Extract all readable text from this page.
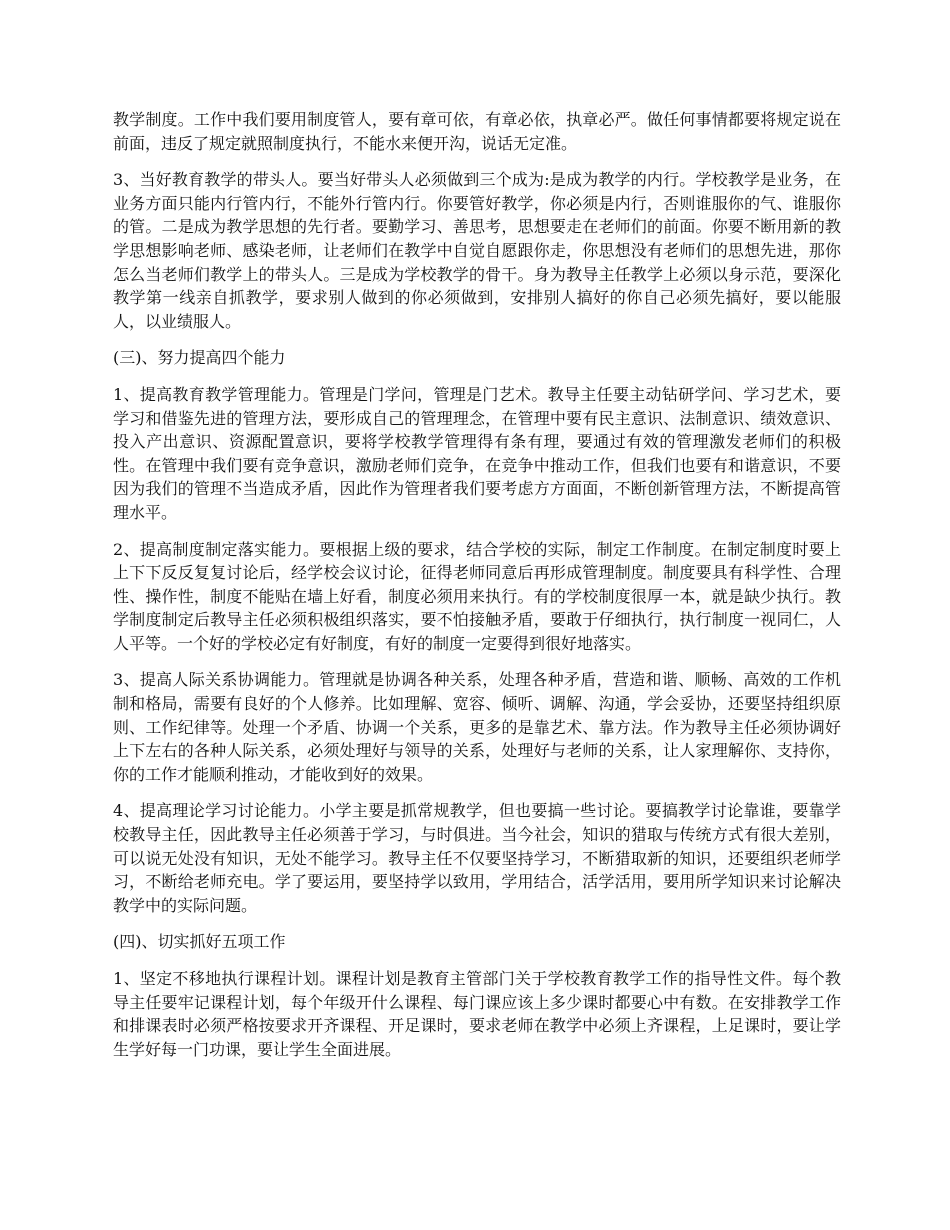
教学制度。工作中我们要用制度管人，要有章可依，有章必依，执章必严。做任何事情都要将规定说在前面，违反了规定就照制度执行，不能水来便开沟，说话无定准。

3、当好教育教学的带头人。要当好带头人必须做到三个成为:是成为教学的内行。学校教学是业务，在业务方面只能内行管内行，不能外行管内行。你要管好教学，你必须是内行，否则谁服你的气、谁服你的管。二是成为教学思想的先行者。要勤学习、善思考，思想要走在老师们的前面。你要不断用新的教学思想影响老师、感染老师，让老师们在教学中自觉自愿跟你走，你思想没有老师们的思想先进，那你怎么当老师们教学上的带头人。三是成为学校教学的骨干。身为教导主任教学上必须以身示范，要深化教学第一线亲自抓教学，要求别人做到的你必须做到，安排别人搞好的你自己必须先搞好，要以能服人，以业绩服人。

(三)、努力提高四个能力

1、提高教育教学管理能力。管理是门学问，管理是门艺术。教导主任要主动钻研学问、学习艺术，要学习和借鉴先进的管理方法，要形成自己的管理理念，在管理中要有民主意识、法制意识、绩效意识、投入产出意识、资源配置意识，要将学校教学管理得有条有理，要通过有效的管理激发老师们的积极性。在管理中我们要有竞争意识，激励老师们竞争，在竞争中推动工作，但我们也要有和谐意识，不要因为我们的管理不当造成矛盾，因此作为管理者我们要考虑方方面面，不断创新管理方法，不断提高管理水平。

2、提高制度制定落实能力。要根据上级的要求，结合学校的实际，制定工作制度。在制定制度时要上上下下反反复复讨论后，经学校会议讨论，征得老师同意后再形成管理制度。制度要具有科学性、合理性、操作性，制度不能贴在墙上好看，制度必须用来执行。有的学校制度很厚一本，就是缺少执行。教学制度制定后教导主任必须积极组织落实，要不怕接触矛盾，要敢于仔细执行，执行制度一视同仁，人人平等。一个好的学校必定有好制度，有好的制度一定要得到很好地落实。

3、提高人际关系协调能力。管理就是协调各种关系，处理各种矛盾，营造和谐、顺畅、高效的工作机制和格局，需要有良好的个人修养。比如理解、宽容、倾听、调解、沟通，学会妥协，还要坚持组织原则、工作纪律等。处理一个矛盾、协调一个关系，更多的是靠艺术、靠方法。作为教导主任必须协调好上下左右的各种人际关系，必须处理好与领导的关系，处理好与老师的关系，让人家理解你、支持你，你的工作才能顺利推动，才能收到好的效果。

4、提高理论学习讨论能力。小学主要是抓常规教学，但也要搞一些讨论。要搞教学讨论靠谁，要靠学校教导主任，因此教导主任必须善于学习，与时俱进。当今社会，知识的猎取与传统方式有很大差别，可以说无处没有知识，无处不能学习。教导主任不仅要坚持学习，不断猎取新的知识，还要组织老师学习，不断给老师充电。学了要运用，要坚持学以致用，学用结合，活学活用，要用所学知识来讨论解决教学中的实际问题。

(四)、切实抓好五项工作

1、坚定不移地执行课程计划。课程计划是教育主管部门关于学校教育教学工作的指导性文件。每个教导主任要牢记课程计划，每个年级开什么课程、每门课应该上多少课时都要心中有数。在安排教学工作和排课表时必须严格按要求开齐课程、开足课时，要求老师在教学中必须上齐课程，上足课时，要让学生学好每一门功课，要让学生全面进展。
